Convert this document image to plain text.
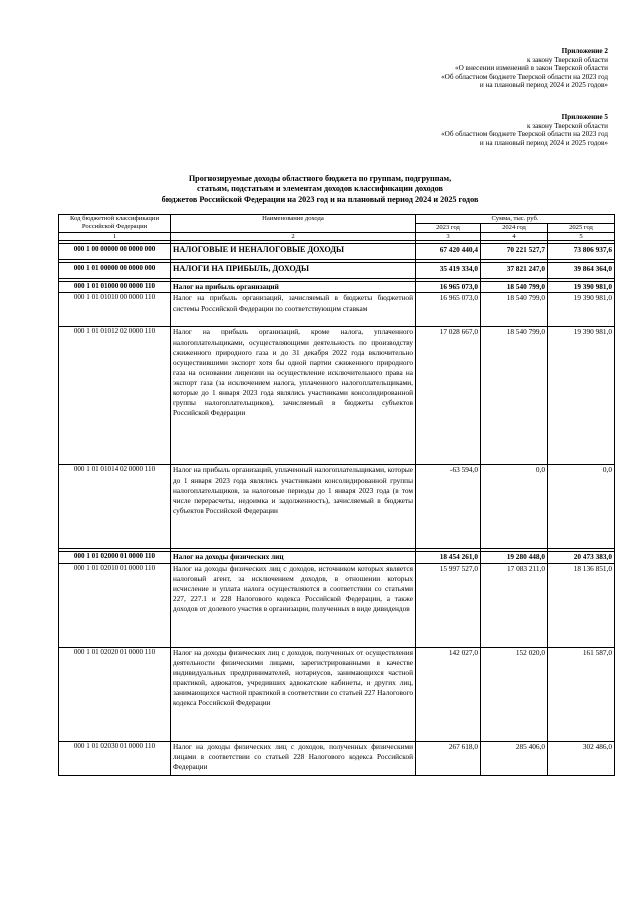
Приложение 2
к закону Тверской области
«О внесении изменений в закон Тверской области
«Об областном бюджете Тверской области на 2023 год
и на плановый период 2024 и 2025 годов»
Приложение 5
к закону Тверской области
«Об областном бюджете Тверской области на 2023 год
и на плановый период 2024 и 2025 годов»
Прогнозируемые доходы областного бюджета по группам, подгруппам,
статьям, подстатьям и элементам доходов классификации доходов
бюджетов Российской Федерации на 2023 год и на плановый период 2024 и 2025 годов
Код бюджетной классификации Российской Федерации	Наименование дохода	Сумма, тыс. руб.		
		2023 год	2024 год	2025 год
1	2	3	4	5

000 1 00 00000 00 0000 000	НАЛОГОВЫЕ И НЕНАЛОГОВЫЕ ДОХОДЫ	67 420 440,4	70 221 527,7	73 806 937,6

000 1 01 00000 00 0000 000	НАЛОГИ НА ПРИБЫЛЬ, ДОХОДЫ	35 419 334,0	37 821 247,0	39 864 364,0

000 1 01 01000 00 0000 110	Налог на прибыль организаций	16 965 073,0	18 540 799,0	19 390 981,0
000 1 01 01010 00 0000 110	Налог на прибыль организаций, зачисляемый в бюджеты бюджетной системы Российской Федерации по соответствующим ставкам	16 965 073,0	18 540 799,0	19 390 981,0
000 1 01 01012 02 0000 110	Налог на прибыль организаций, кроме налога, уплаченного налогоплательщиками, осуществляющими деятельность по производству сжиженного природного газа и до 31 декабря 2022 года включительно осуществившими экспорт хотя бы одной партии сжиженного природного газа на основании лицензии на осуществление исключительного права на экспорт газа (за исключением налога, уплаченного налогоплательщиками, которые до 1 января 2023 года являлись участниками консолидированной группы налогоплательщиков), зачисляемый в бюджеты субъектов Российской Федерации	17 028 667,0	18 540 799,0	19 390 981,0
000 1 01 01014 02 0000 110	Налог на прибыль организаций, уплаченный налогоплательщиками, которые до 1 января 2023 года являлись участниками консолидированной группы налогоплательщиков, за налоговые периоды до 1 января 2023 года (в том числе перерасчеты, недоимка и задолженность), зачисляемый в бюджеты субъектов Российской Федерации	-63 594,0	0,0	0,0

000 1 01 02000 01 0000 110	Налог на доходы физических лиц	18 454 261,0	19 280 448,0	20 473 383,0
000 1 01 02010 01 0000 110	Налог на доходы физических лиц с доходов, источником которых является налоговый агент, за исключением доходов, в отношении которых исчисление и уплата налога осуществляются в соответствии со статьями 227, 227.1 и 228 Налогового кодекса Российской Федерации, а также доходов от долевого участия в организации, полученных в виде дивидендов	15 997 527,0	17 083 211,0	18 136 851,0
000 1 01 02020 01 0000 110	Налог на доходы физических лиц с доходов, полученных от осуществления деятельности физическими лицами, зарегистрированными в качестве индивидуальных предпринимателей, нотариусов, занимающихся частной практикой, адвокатов, учредивших адвокатские кабинеты, и других лиц, занимающихся частной практикой в соответствии со статьей 227 Налогового кодекса Российской Федерации	142 027,0	152 020,0	161 587,0
000 1 01 02030 01 0000 110	Налог на доходы физических лиц с доходов, полученных физическими лицами в соответствии со статьей 228 Налогового кодекса Российской Федерации	267 618,0	285 406,0	302 486,0
